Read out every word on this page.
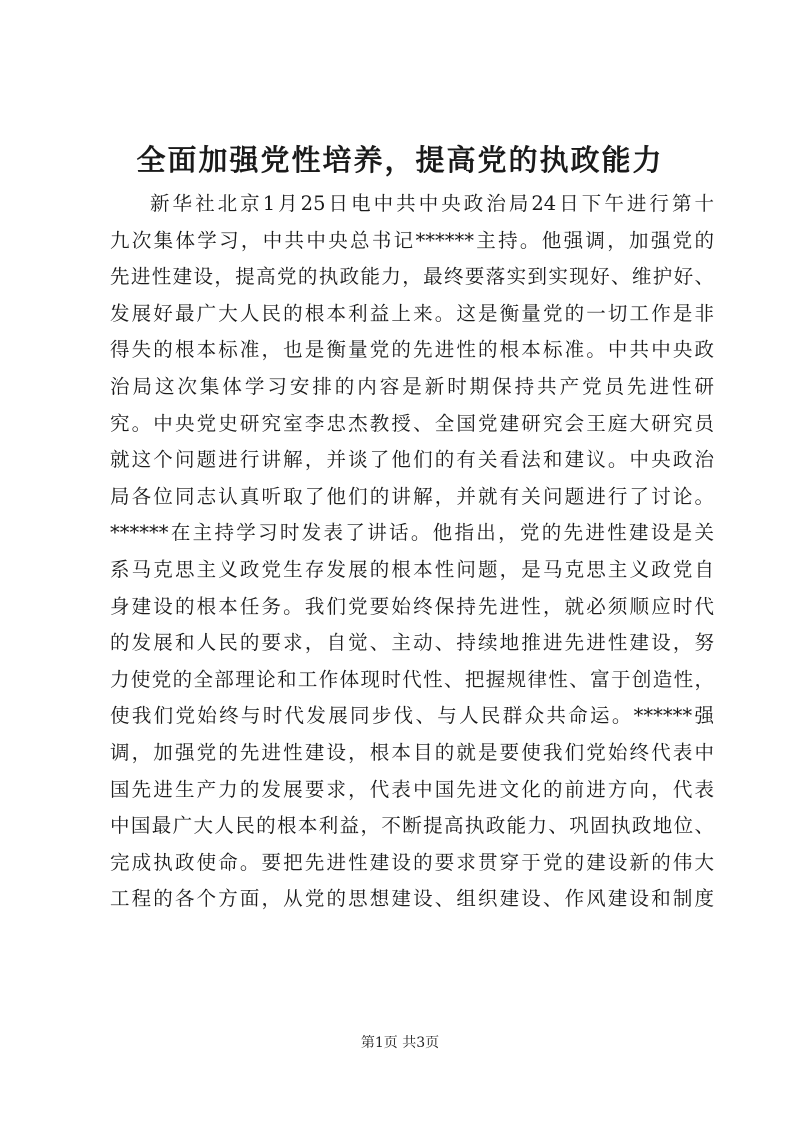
全面加强党性培养，提高党的执政能力
新华社北京1月25日电中共中央政治局24日下午进行第十
九次集体学习，中共中央总书记******主持。他强调，加强党的
先进性建设，提高党的执政能力，最终要落实到实现好、维护好、
发展好最广大人民的根本利益上来。这是衡量党的一切工作是非
得失的根本标准，也是衡量党的先进性的根本标准。中共中央政
治局这次集体学习安排的内容是新时期保持共产党员先进性研
究。中央党史研究室李忠杰教授、全国党建研究会王庭大研究员
就这个问题进行讲解，并谈了他们的有关看法和建议。中央政治
局各位同志认真听取了他们的讲解，并就有关问题进行了讨论。
******在主持学习时发表了讲话。他指出，党的先进性建设是关
系马克思主义政党生存发展的根本性问题，是马克思主义政党自
身建设的根本任务。我们党要始终保持先进性，就必须顺应时代
的发展和人民的要求，自觉、主动、持续地推进先进性建设，努
力使党的全部理论和工作体现时代性、把握规律性、富于创造性，
使我们党始终与时代发展同步伐、与人民群众共命运。******强
调，加强党的先进性建设，根本目的就是要使我们党始终代表中
国先进生产力的发展要求，代表中国先进文化的前进方向，代表
中国最广大人民的根本利益，不断提高执政能力、巩固执政地位、
完成执政使命。要把先进性建设的要求贯穿于党的建设新的伟大
工程的各个方面，从党的思想建设、组织建设、作风建设和制度
第1页 共3页
